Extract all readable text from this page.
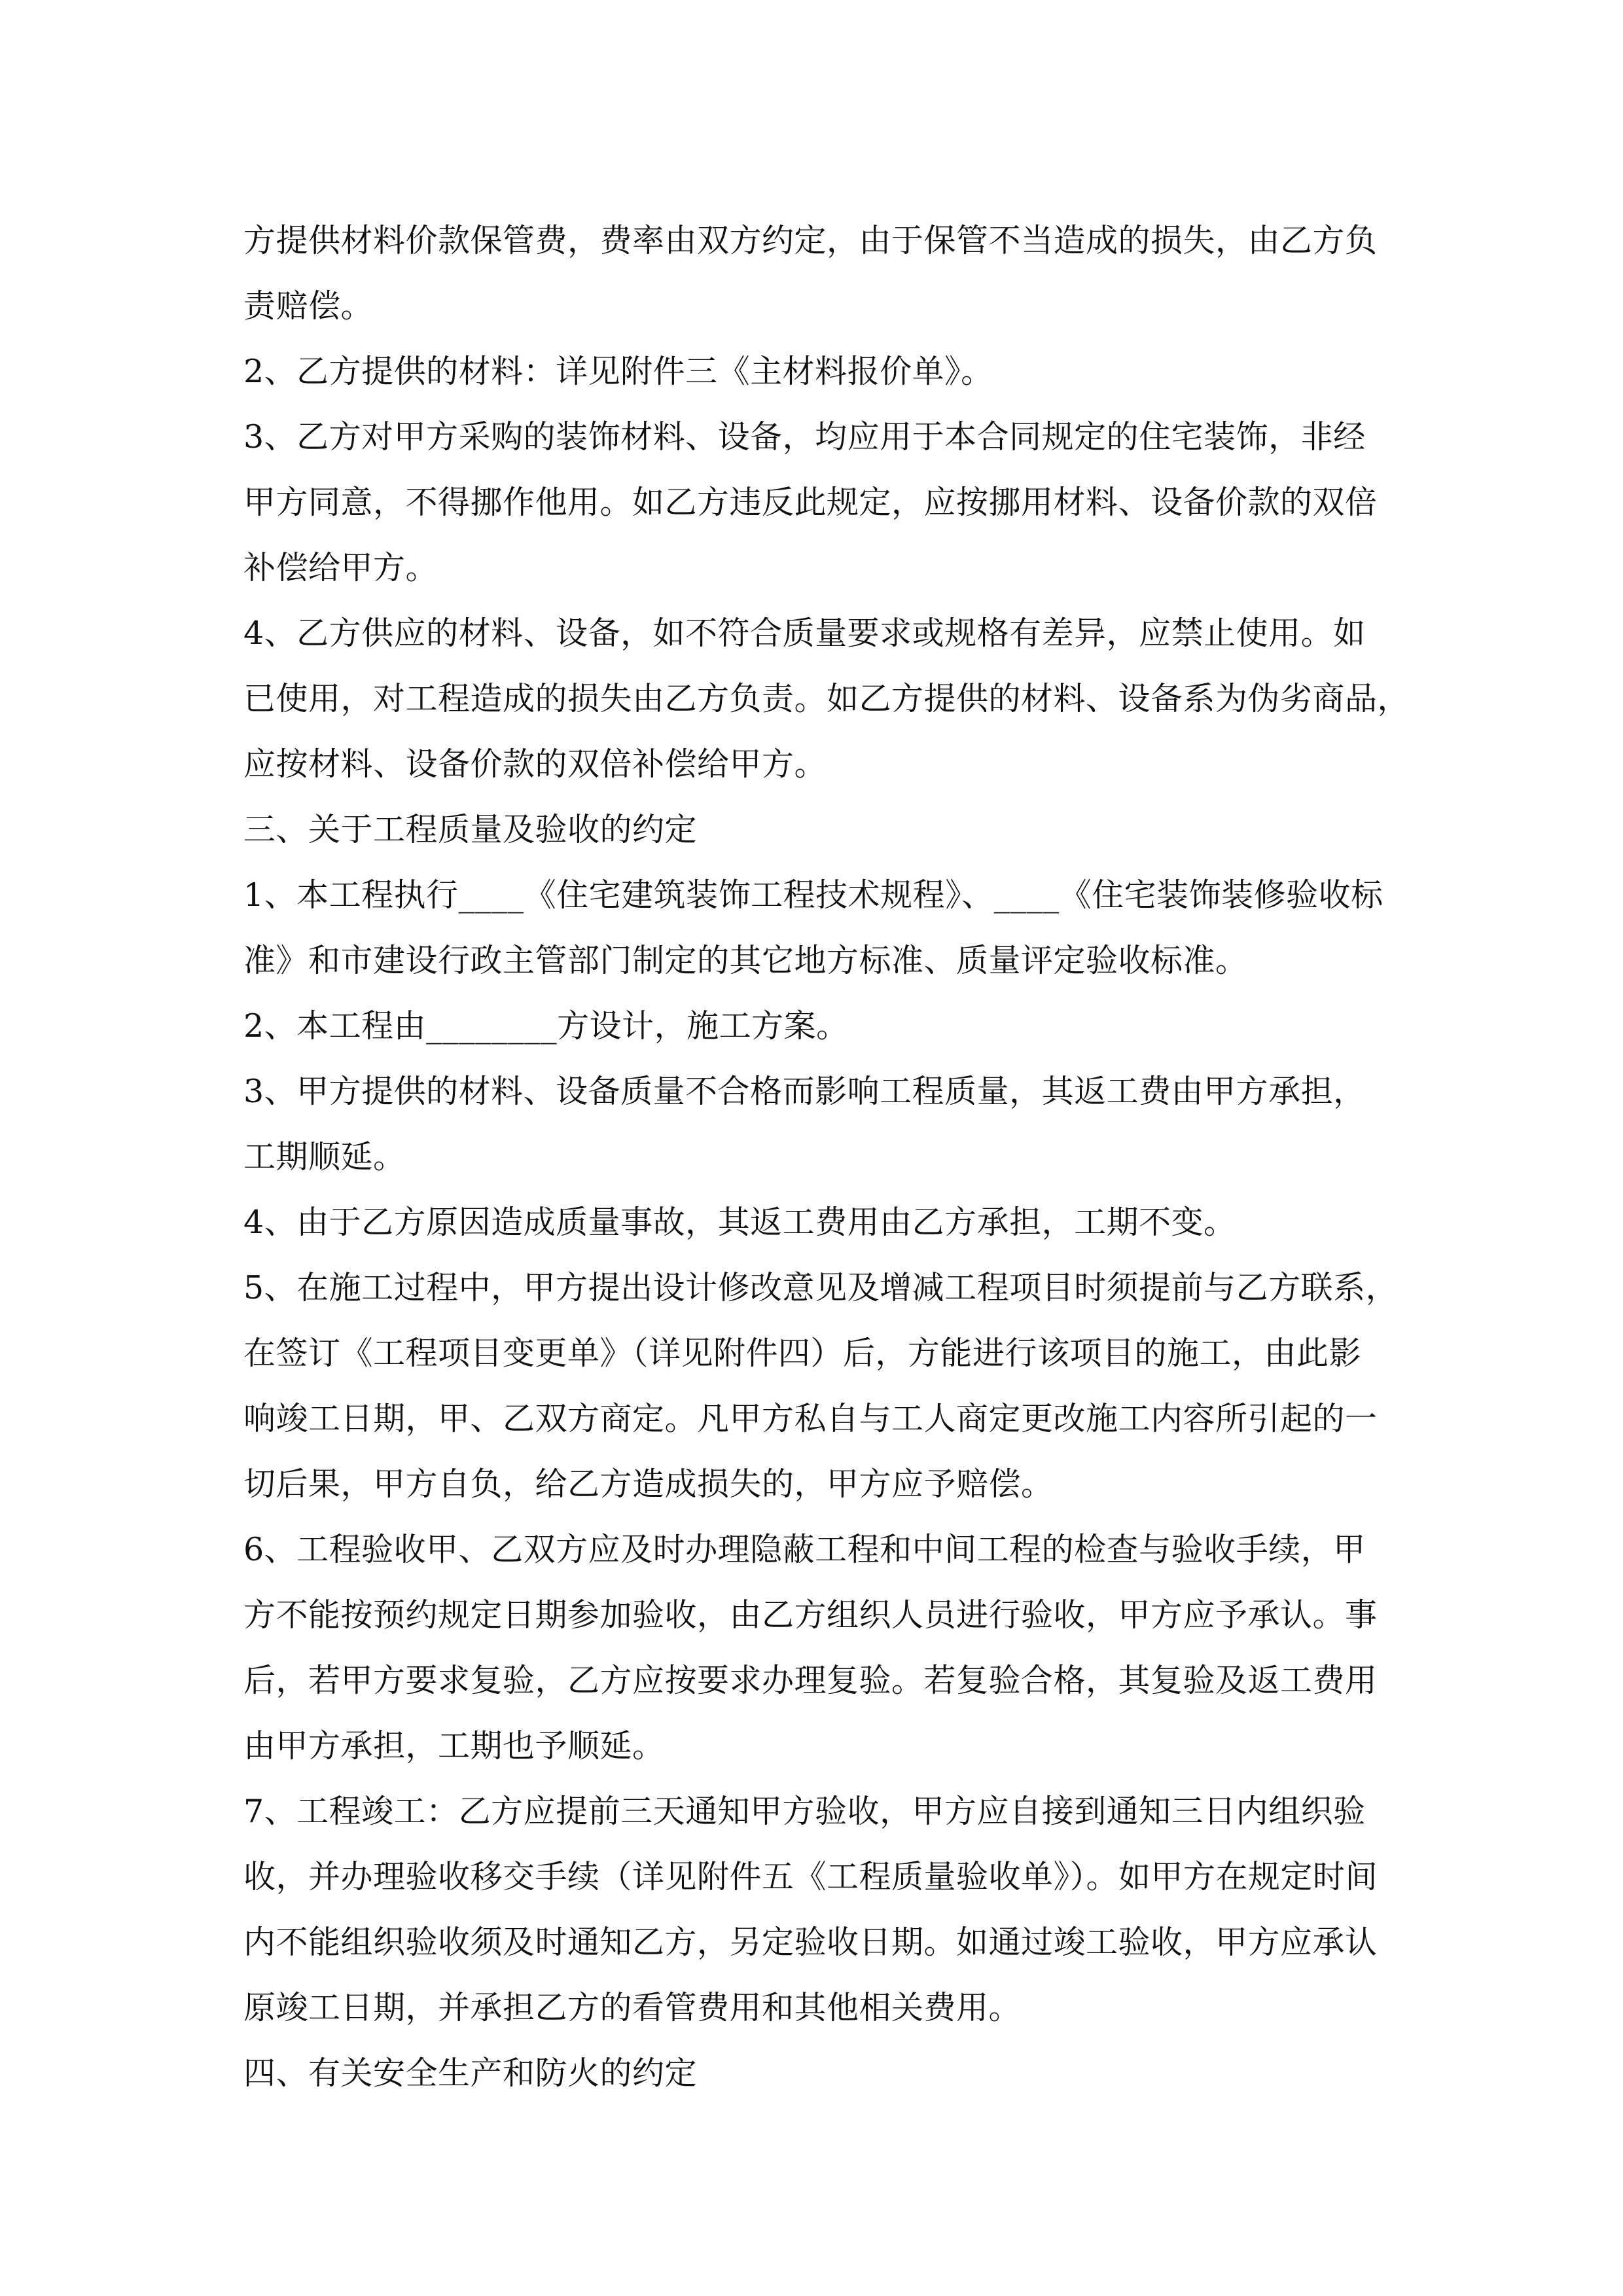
方提供材料价款保管费，费率由双方约定，由于保管不当造成的损失，由乙方负
责赔偿。
2、乙方提供的材料：详见附件三《主材料报价单》。
3、乙方对甲方采购的装饰材料、设备，均应用于本合同规定的住宅装饰，非经
甲方同意，不得挪作他用。如乙方违反此规定，应按挪用材料、设备价款的双倍
补偿给甲方。
4、乙方供应的材料、设备，如不符合质量要求或规格有差异，应禁止使用。如
已使用，对工程造成的损失由乙方负责。如乙方提供的材料、设备系为伪劣商品，
应按材料、设备价款的双倍补偿给甲方。
三、关于工程质量及验收的约定
1、本工程执行____《住宅建筑装饰工程技术规程》、____《住宅装饰装修验收标
准》和市建设行政主管部门制定的其它地方标准、质量评定验收标准。
2、本工程由________方设计，施工方案。
3、甲方提供的材料、设备质量不合格而影响工程质量，其返工费由甲方承担，
工期顺延。
4、由于乙方原因造成质量事故，其返工费用由乙方承担，工期不变。
5、在施工过程中，甲方提出设计修改意见及增减工程项目时须提前与乙方联系，
在签订《工程项目变更单》（详见附件四）后，方能进行该项目的施工，由此影
响竣工日期，甲、乙双方商定。凡甲方私自与工人商定更改施工内容所引起的一
切后果，甲方自负，给乙方造成损失的，甲方应予赔偿。
6、工程验收甲、乙双方应及时办理隐蔽工程和中间工程的检查与验收手续，甲
方不能按预约规定日期参加验收，由乙方组织人员进行验收，甲方应予承认。事
后，若甲方要求复验，乙方应按要求办理复验。若复验合格，其复验及返工费用
由甲方承担，工期也予顺延。
7、工程竣工：乙方应提前三天通知甲方验收，甲方应自接到通知三日内组织验
收，并办理验收移交手续（详见附件五《工程质量验收单》）。如甲方在规定时间
内不能组织验收须及时通知乙方，另定验收日期。如通过竣工验收，甲方应承认
原竣工日期，并承担乙方的看管费用和其他相关费用。
四、有关安全生产和防火的约定
